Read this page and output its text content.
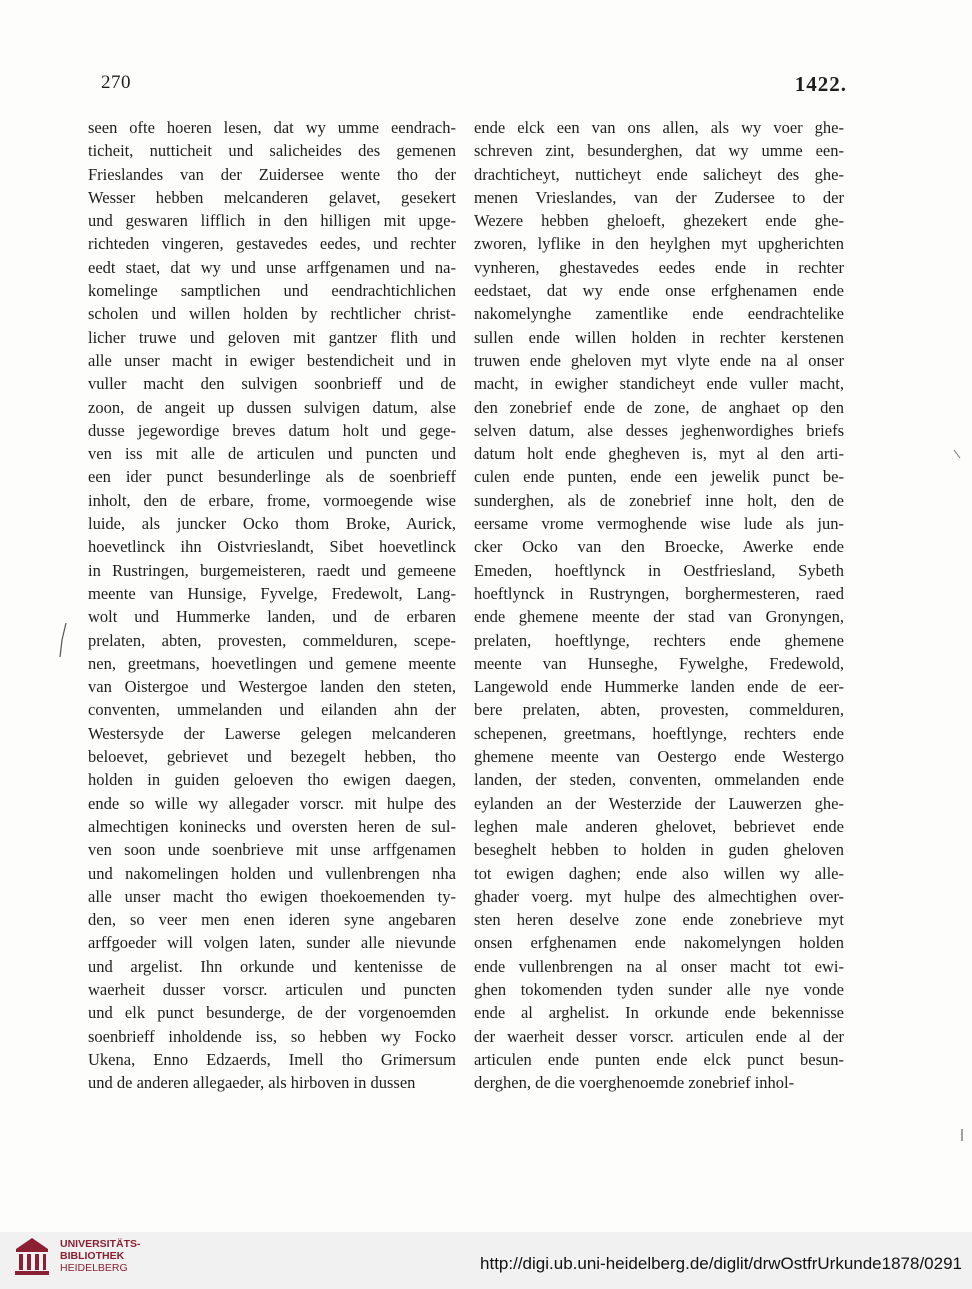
270	1422.
seen ofte hoeren lesen, dat wy umme eendrach-
ticheit, nutticheit und salicheides des gemenen
Frieslandes van der Zuidersee wente tho der
Wesser hebben melcanderen gelavet, gesekert
und geswaren lifflich in den hilligen mit upge-
richteden vingeren, gestavedes eedes, und rechter
eedt staet, dat wy und unse arffgenamen und na-
komelinge samptlichen und eendrachtichlichen
scholen und willen holden by rechtlicher christ-
licher truwe und geloven mit gantzer flith und
alle unser macht in ewiger bestendicheit und in
vuller macht den sulvigen soonbrieff und de
zoon, de angeit up dussen sulvigen datum, alse
dusse jegewordige breves datum holt und gege-
ven iss mit alle de articulen und puncten und
een ider punct besunderlinge als de soenbrieff
inholt, den de erbare, frome, vormoegende wise
luide, als juncker Ocko thom Broke, Aurick,
hoevetlinck ihn Oistvrieslandt, Sibet hoevetlinck
in Rustringen, burgemeisteren, raedt und gemeene
meente van Hunsige, Fyvelge, Fredewolt, Lang-
wolt und Hummerke landen, und de erbaren
prelaten, abten, provesten, commelduren, scepe-
nen, greetmans, hoevetlingen und gemene meente
van Oistergoe und Westergoe landen den steten,
conventen, ummelanden und eilanden ahn der
Westersyde der Lawerse gelegen melcanderen
beloevet, gebrievet und bezegelt hebben, tho
holden in guiden geloeven tho ewigen daegen,
ende so wille wy allegader vorscr. mit hulpe des
almechtigen koninecks und oversten heren de sul-
ven soon unde soenbrieve mit unse arffgenamen
und nakomelingen holden und vullenbrengen nha
alle unser macht tho ewigen thoekoemenden ty-
den, so veer men enen ideren syne angebaren
arffgoeder will volgen laten, sunder alle nievunde
und argelist. Ihn orkunde und kentenisse de
waerheit dusser vorscr. articulen und puncten
und elk punct besunderge, de der vorgenoemden
soenbrieff inholdende iss, so hebben wy Focko
Ukena, Enno Edzaerds, Imell tho Grimersum
und de anderen allegaeder, als hirboven in dussen
ende elck een van ons allen, als wy voer ghe-
schreven zint, besunderghen, dat wy umme een-
drachticheyt, nutticheyt ende salicheyt des ghe-
menen Vrieslandes, van der Zudersee to der
Wezere hebben gheloeft, ghezekert ende ghe-
zworen, lyflike in den heylghen myt upgherichten
vynheren, ghestavedes eedes ende in rechter
eedstaet, dat wy ende onse erfghenamen ende
nakomelynghe zamentlike ende eendrachtelike
sullen ende willen holden in rechter kerstenen
truwen ende gheloven myt vlyte ende na al onser
macht, in ewigher standicheyt ende vuller macht,
den zonebrief ende de zone, de anghaet op den
selven datum, alse desses jeghenwordighes briefs
datum holt ende ghegheven is, myt al den arti-
culen ende punten, ende een jewelik punct be-
sunderghen, als de zonebrief inne holt, den de
eersame vrome vermoghende wise lude als jun-
cker Ocko van den Broecke, Awerke ende
Emeden, hoeftlynck in Oestfriesland, Sybeth
hoeftlynck in Rustryngen, borghermesteren, raed
ende ghemene meente der stad van Gronyngen,
prelaten, hoeftlynge, rechters ende ghemene
meente van Hunseghe, Fywelghe, Fredewold,
Langewold ende Hummerke landen ende de eer-
bere prelaten, abten, provesten, commelduren,
schepenen, greetmans, hoeftlynge, rechters ende
ghemene meente van Oestergo ende Westergo
landen, der steden, conventen, ommelanden ende
eylanden an der Westerzide der Lauwerzen ghe-
leghen male anderen ghelovet, bebrievet ende
beseghelt hebben to holden in guden gheloven
tot ewigen daghen; ende also willen wy alle-
ghader voerg. myt hulpe des almechtighen over-
sten heren deselve zone ende zonebrieve myt
onsen erfghenamen ende nakomelyngen holden
ende vullenbrengen na al onser macht tot ewi-
ghen tokomenden tyden sunder alle nye vonde
ende al arghelist. In orkunde ende bekennisse
der waerheit desser vorscr. articulen ende al der
articulen ende punten ende elck punct besun-
derghen, de die voerghenoemde zonebrief inhol-
UNIVERSITÄTS-
BIBLIOTHEK
HEIDELBERG	http://digi.ub.uni-heidelberg.de/diglit/drwOstfrUrkunde1878/0291
